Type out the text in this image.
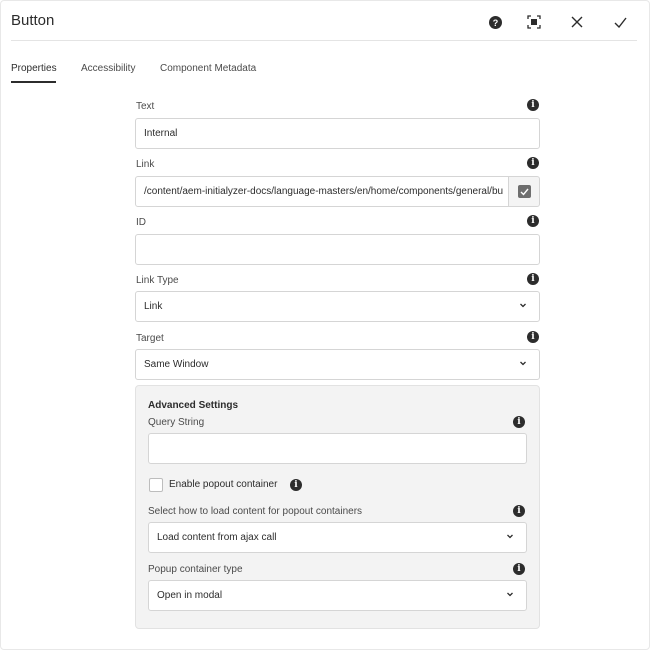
Button	?
Properties Accessibility Component Metadata
Text	i
Internal
Link	i
/content/aem-initialyzer-docs/language-masters/en/home/components/general/bu
ID	i
Link Type	i
Link
Target	i
Same Window
Advanced Settings
Query String	i
Enable popout container	i
Select how to load content for popout containers	i
Load content from ajax call
Popup container type	i
Open in modal
